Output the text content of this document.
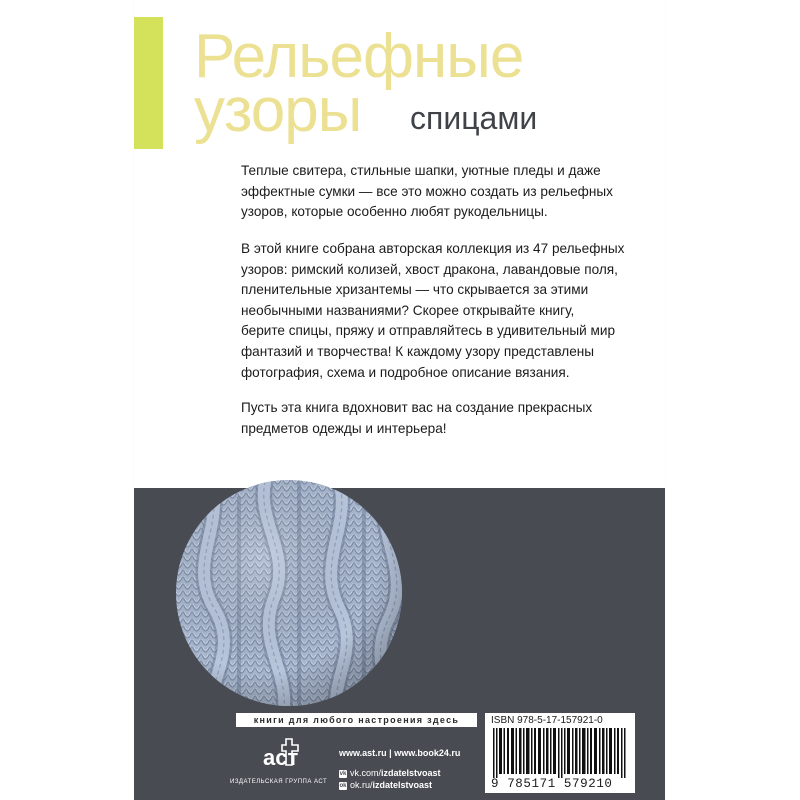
Рельефные
узоры спицами

Теплые свитера, стильные шапки, уютные пледы и даже
эффектные сумки — все это можно создать из рельефных
узоров, которые особенно любят рукодельницы.

В этой книге собрана авторская коллекция из 47 рельефных
узоров: римский колизей, хвост дракона, лавандовые поля,
пленительные хризантемы — что скрывается за этими
необычными названиями? Скорее открывайте книгу,
берите спицы, пряжу и отправляйтесь в удивительный мир
фантазий и творчества! К каждому узору представлены
фотография, схема и подробное описание вязания.

Пусть эта книга вдохновит вас на создание прекрасных
предметов одежды и интерьера!

книги для любого настроения здесь	ISBN 978-5-17-157921-0
9 785171 579210
аст
ИЗДАТЕЛЬСКАЯ ГРУППА АСТ
www.ast.ru | www.book24.ru
vk vk.com/izdatelstvoast
ok ok.ru/izdatelstvoast
